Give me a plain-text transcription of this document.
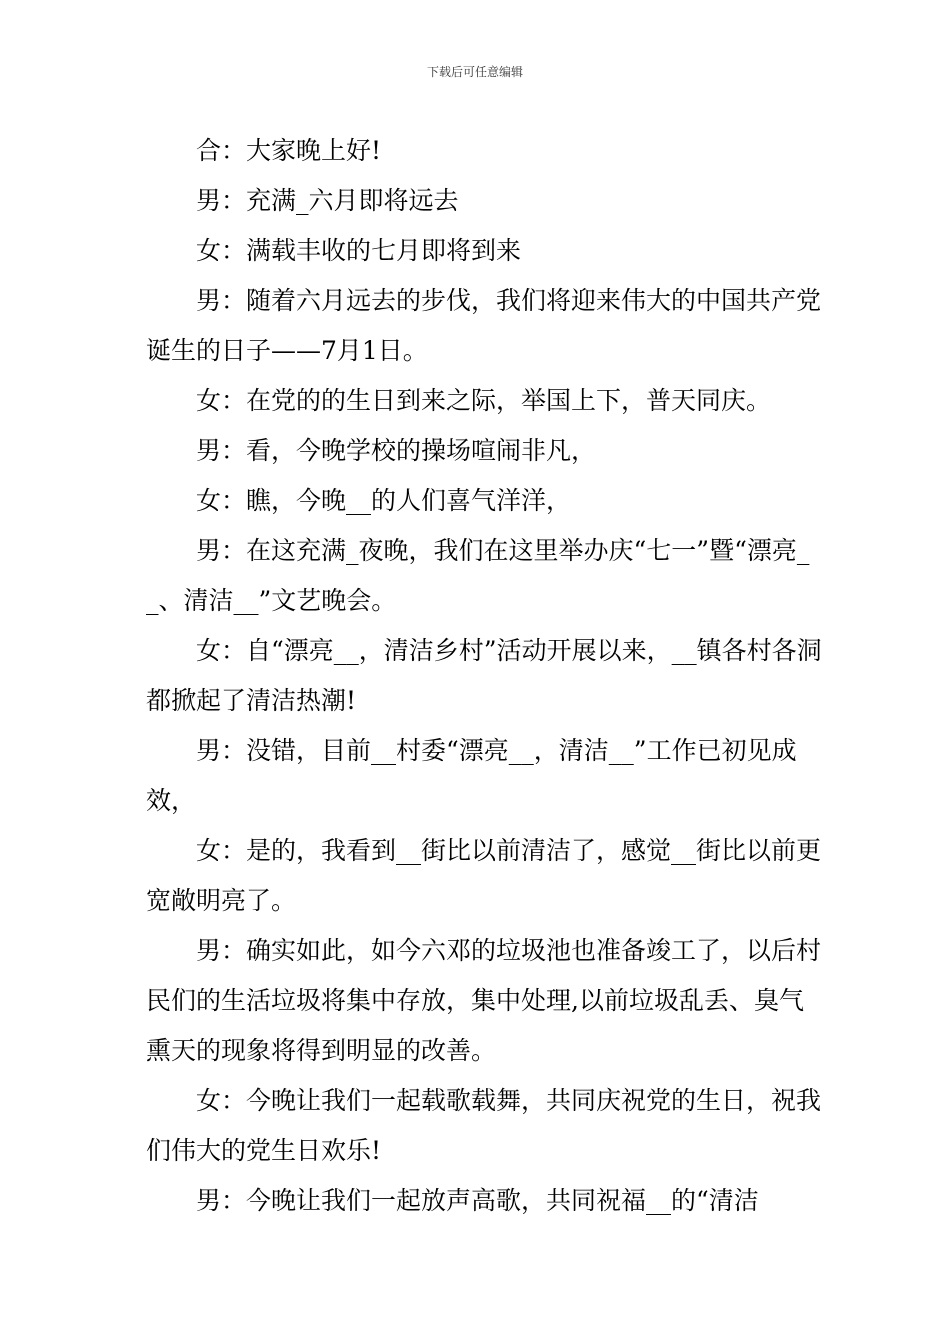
下载后可任意编辑

合：大家晚上好!

男：充满_六月即将远去

女：满载丰收的七月即将到来

男：随着六月远去的步伐，我们将迎来伟大的中国共产党诞生的日子——7月1日。

女：在党的的生日到来之际，举国上下，普天同庆。

男：看，今晚学校的操场喧闹非凡，

女：瞧，今晚__的人们喜气洋洋，

男：在这充满_夜晚，我们在这里举办庆“七一”暨“漂亮__、清洁__”文艺晚会。

女：自“漂亮__，清洁乡村”活动开展以来，__镇各村各洞都掀起了清洁热潮!

男：没错，目前__村委“漂亮__，清洁__”工作已初见成效，

女：是的，我看到__街比以前清洁了，感觉__街比以前更宽敞明亮了。

男：确实如此，如今六邓的垃圾池也准备竣工了，以后村民们的生活垃圾将集中存放，集中处理,以前垃圾乱丢、臭气熏天的现象将得到明显的改善。

女：今晚让我们一起载歌载舞，共同庆祝党的生日，祝我们伟大的党生日欢乐!

男：今晚让我们一起放声高歌，共同祝福__的“清洁
